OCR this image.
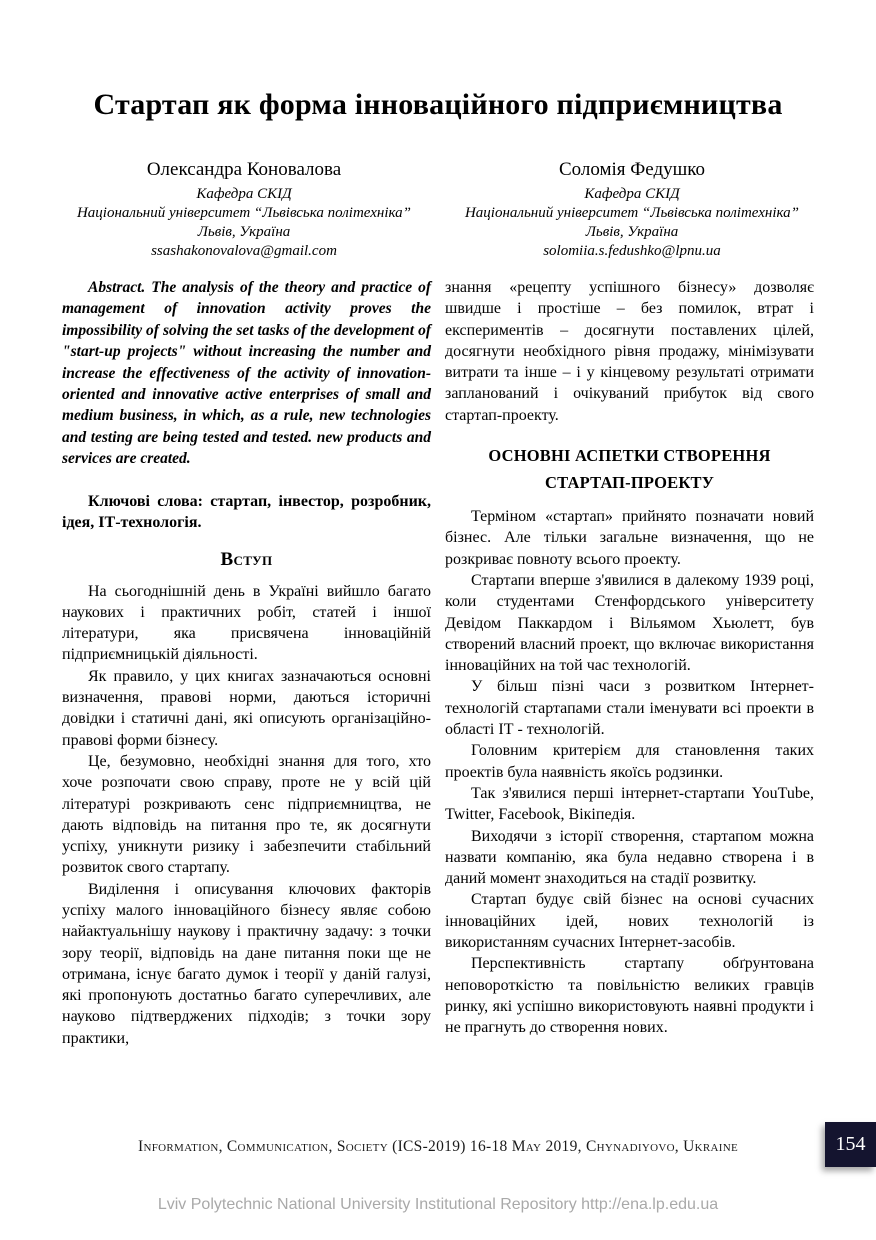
Стартап як форма інноваційного підприємництва
Олександра Коновалова
Кафедра СКІД
Національний університет “Львівська політехніка”
Львів, Україна
ssashakonovalova@gmail.com
Соломія Федушко
Кафедра СКІД
Національний університет “Львівська політехніка”
Львів, Україна
solomiia.s.fedushko@lpnu.ua

Abstract. The analysis of the theory and practice of management of innovation activity proves the impossibility of solving the set tasks of the development of "start-up projects" without increasing the number and increase the effectiveness of the activity of innovation-oriented and innovative active enterprises of small and medium business, in which, as a rule, new technologies and testing are being tested and tested. new products and services are created.

Ключові слова: стартап, інвестор, розробник, ідея, ІТ-технологія.

Вступ

На сьогоднішній день в Україні вийшло багато наукових і практичних робіт, статей і іншої літератури, яка присвячена інноваційній підприємницькій діяльності.

Як правило, у цих книгах зазначаються основні визначення, правові норми, даються історичні довідки і статичні дані, які описують організаційно-правові форми бізнесу.

Це, безумовно, необхідні знання для того, хто хоче розпочати свою справу, проте не у всій цій літературі розкривають сенс підприємництва, не дають відповідь на питання про те, як досягнути успіху, уникнути ризику і забезпечити стабільний розвиток свого стартапу.

Виділення і описування ключових факторів успіху малого інноваційного бізнесу являє собою найактуальнішу наукову і практичну задачу: з точки зору теорії, відповідь на дане питання поки ще не отримана, існує багато думок і теорії у даній галузі, які пропонують достатньо багато суперечливих, але науково підтверджених підходів; з точки зору практики,

знання «рецепту успішного бізнесу» дозволяє швидше і простіше – без помилок, втрат і експериментів – досягнути поставлених цілей, досягнути необхідного рівня продажу, мінімізувати витрати та інше – і у кінцевому результаті отримати запланований і очікуваний прибуток від свого стартап-проекту.

ОСНОВНІ АСПЕТКИ СТВОРЕННЯ СТАРТАП-ПРОЕКТУ

Терміном «стартап» прийнято позначати новий бізнес. Але тільки загальне визначення, що не розкриває повноту всього проекту.

Стартапи вперше з'явилися в далекому 1939 році, коли студентами Стенфордського університету Девідом Паккардом і Вільямом Хьюлетт, був створений власний проект, що включає використання інноваційних на той час технологій.

У більш пізні часи з розвитком Інтернет-технологій стартапами стали іменувати всі проекти в області ІТ - технологій.

Головним критерієм для становлення таких проектів була наявність якоїсь родзинки.

Так з'явилися перші інтернет-стартапи YouTube, Twitter, Facebook, Вікіпедія.

Виходячи з історії створення, стартапом можна назвати компанію, яка була недавно створена і в даний момент знаходиться на стадії розвитку.

Стартап будує свій бізнес на основі сучасних інноваційних ідей, нових технологій із використанням сучасних Інтернет-засобів.

Перспективність стартапу обґрунтована неповороткістю та повільністю великих гравців ринку, які успішно використовують наявні продукти і не прагнуть до створення нових.

Information, Communication, Society (ICS-2019) 16-18 May 2019, Chynadiyovo, Ukraine	154
Lviv Polytechnic National University Institutional Repository http://ena.lp.edu.ua
